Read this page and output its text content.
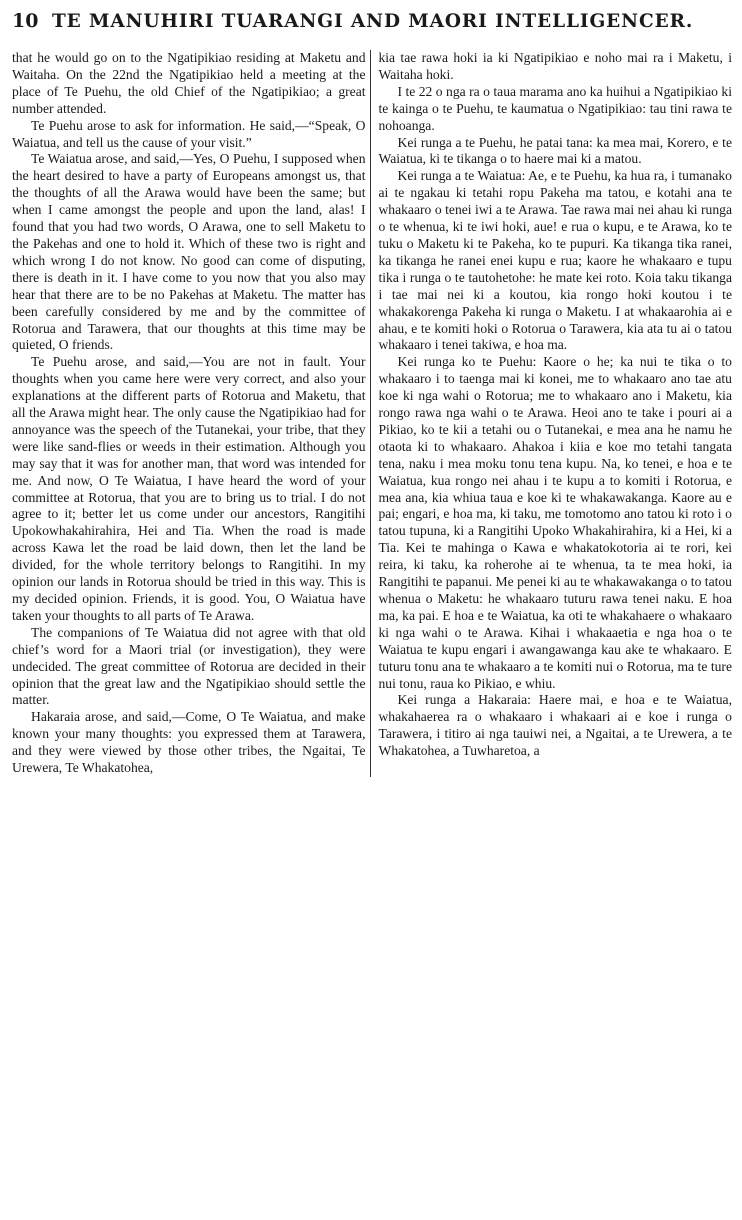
10 TE MANUHIRI TUARANGI AND MAORI INTELLIGENCER.

that he would go on to the Ngatipikiao residing at Maketu and Waitaha. On the 22nd the Ngatipikiao held a meeting at the place of Te Puehu, the old Chief of the Ngatipikiao; a great number attended.

Te Puehu arose to ask for information. He said,—“Speak, O Waiatua, and tell us the cause of your visit.”

Te Waiatua arose, and said,—Yes, O Puehu, I supposed when the heart desired to have a party of Europeans amongst us, that the thoughts of all the Arawa would have been the same; but when I came amongst the people and upon the land, alas! I found that you had two words, O Arawa, one to sell Maketu to the Pakehas and one to hold it. Which of these two is right and which wrong I do not know. No good can come of disputing, there is death in it. I have come to you now that you also may hear that there are to be no Pakehas at Maketu. The matter has been carefully considered by me and by the committee of Rotorua and Tarawera, that our thoughts at this time may be quieted, O friends.

Te Puehu arose, and said,—You are not in fault. Your thoughts when you came here were very correct, and also your explanations at the different parts of Rotorua and Maketu, that all the Arawa might hear. The only cause the Ngatipikiao had for annoyance was the speech of the Tutanekai, your tribe, that they were like sand-flies or weeds in their estimation. Although you may say that it was for another man, that word was intended for me. And now, O Te Waiatua, I have heard the word of your committee at Rotorua, that you are to bring us to trial. I do not agree to it; better let us come under our ancestors, Rangitihi Upokowhakahirahira, Hei and Tia. When the road is made across Kawa let the road be laid down, then let the land be divided, for the whole territory belongs to Rangitihi. In my opinion our lands in Rotorua should be tried in this way. This is my decided opinion. Friends, it is good. You, O Waiatua have taken your thoughts to all parts of Te Arawa.

The companions of Te Waiatua did not agree with that old chief’s word for a Maori trial (or investigation), they were undecided. The great committee of Rotorua are decided in their opinion that the great law and the Ngatipikiao should settle the matter.

Hakaraia arose, and said,—Come, O Te Waiatua, and make known your many thoughts: you expressed them at Tarawera, and they were viewed by those other tribes, the Ngaitai, Te Urewera, Te Whakatohea,

kia tae rawa hoki ia ki Ngatipikiao e noho mai ra i Maketu, i Waitaha hoki.

I te 22 o nga ra o taua marama ano ka huihui a Ngatipikiao ki te kainga o te Puehu, te kaumatua o Ngatipikiao: tau tini rawa te nohoanga.

Kei runga a te Puehu, he patai tana: ka mea mai, Korero, e te Waiatua, ki te tikanga o to haere mai ki a matou.

Kei runga a te Waiatua: Ae, e te Puehu, ka hua ra, i tumanako ai te ngakau ki tetahi ropu Pakeha ma tatou, e kotahi ana te whakaaro o tenei iwi a te Arawa. Tae rawa mai nei ahau ki runga o te whenua, ki te iwi hoki, aue! e rua o kupu, e te Arawa, ko te tuku o Maketu ki te Pakeha, ko te pupuri. Ka tikanga tika ranei, ka tikanga he ranei enei kupu e rua; kaore he whakaaro e tupu tika i runga o te tautohetohe: he mate kei roto. Koia taku tikanga i tae mai nei ki a koutou, kia rongo hoki koutou i te whakakorenga Pakeha ki runga o Maketu. I at whakaarohia ai e ahau, e te komiti hoki o Rotorua o Tarawera, kia ata tu ai o tatou whakaaro i tenei takiwa, e hoa ma.

Kei runga ko te Puehu: Kaore o he; ka nui te tika o to whakaaro i to taenga mai ki konei, me to whakaaro ano tae atu koe ki nga wahi o Rotorua; me to whakaaro ano i Maketu, kia rongo rawa nga wahi o te Arawa. Heoi ano te take i pouri ai a Pikiao, ko te kii a tetahi ou o Tutanekai, e mea ana he namu he otaota ki to whakaaro. Ahakoa i kiia e koe mo tetahi tangata tena, naku i mea moku tonu tena kupu. Na, ko tenei, e hoa e te Waiatua, kua rongo nei ahau i te kupu a to komiti i Rotorua, e mea ana, kia whiua taua e koe ki te whakawakanga. Kaore au e pai; engari, e hoa ma, ki taku, me tomotomo ano tatou ki roto i o tatou tupuna, ki a Rangitihi Upoko Whakahirahira, ki a Hei, ki a Tia. Kei te mahinga o Kawa e whakatokotoria ai te rori, kei reira, ki taku, ka roherohe ai te whenua, ta te mea hoki, ia Rangitihi te papanui. Me penei ki au te whakawakanga o to tatou whenua o Maketu: he whakaaro tuturu rawa tenei naku. E hoa ma, ka pai. E hoa e te Waiatua, ka oti te whakahaere o whakaaro ki nga wahi o te Arawa. Kihai i whakaaetia e nga hoa o te Waiatua te kupu engari i awangawanga kau ake te whakaaro. E tuturu tonu ana te whakaaro a te komiti nui o Rotorua, ma te ture nui tonu, raua ko Pikiao, e whiu.

Kei runga a Hakaraia: Haere mai, e hoa e te Waiatua, whakahaerea ra o whakaaro i whakaari ai e koe i runga o Tarawera, i titiro ai nga tauiwi nei, a Ngaitai, a te Urewera, a te Whakatohea, a Tuwharetoa, a
